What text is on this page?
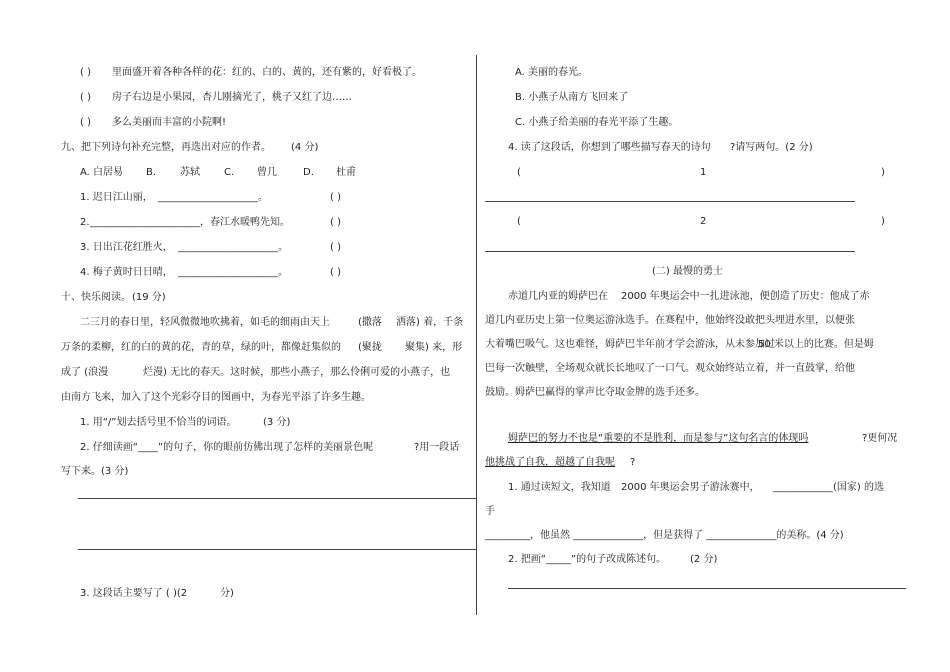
( ) 里面盛开着各种各样的花：红的、白的、黄的，还有紫的，好看极了。
( ) 房子右边是小果园，杏儿刚摘光了，桃子又红了边……
( ) 多么美丽而丰富的小院啊!
九、把下列诗句补充完整，再选出对应的作者。 (4 分)
A. 白居易 B. 苏轼 C. 曾几	D. 杜甫
1. 迟日江山丽， ____________________。	( )
2. ______________________，春江水暖鸭先知。	( )
3. 日出江花红胜火， ____________________。	( )
4. 梅子黄时日日晴， ____________________。	( )
十、快乐阅读。 (19 分)
二三月的春日里，轻风微微地吹拂着，如毛的细雨由天上	(撒落 洒落) 着，千条
万条的柔柳，红的白的黄的花，青的草，绿的叶，都像赶集似的 (聚拢 聚集) 来，形
成了 (浪漫	烂漫) 无比的春天。这时候，那些小燕子，那么伶俐可爱的小燕子，也
由南方飞来，加入了这个光彩夺目的图画中，为春光平添了许多生趣。
1. 用“/”划去括号里不恰当的词语。	(3 分)
2. 仔细读画“____”的句子，你的眼前仿佛出现了怎样的美丽景色呢	?用一段话
写下来。(3 分)
3. 这段话主要写了 ( )(2	分)
A. 美丽的春光。
B. 小燕子从南方飞回来了
C. 小燕子给美丽的春光平添了生趣。
4. 读了这段话，你想到了哪些描写春天的诗句 ?请写两句。(2 分)
(	1	)
(	2	)
(二) 最慢的勇士
赤道几内亚的姆萨巴在 2000 年奥运会中一扎进泳池，便创造了历史：他成了赤
道几内亚历史上第一位奥运游泳选手。在赛程中，他始终没敢把头埋进水里，以便张
大着嘴巴吸气。这也难怪，姆萨巴半年前才学会游泳，从未参加过
50 米以上的比赛。但是姆
巴每一次触壁，全场观众就长长地叹了一口气。观众始终站立着，并一直鼓掌，给他
鼓励。姆萨巴赢得的掌声比夺取金牌的选手还多。
姆萨巴的努力不也是“重要的不是胜利，而是参与”这句名言的体现吗	?更何况
他挑战了自我，超越了自我呢 ?
1. 通过读短文，我知道 2000 年奥运会男子游泳赛中， ____________(国家) 的选
手
_________，他虽然 ______________，但是获得了 ______________的美称。(4 分)
2. 把画“_____”的句子改成陈述句。 (2 分)
